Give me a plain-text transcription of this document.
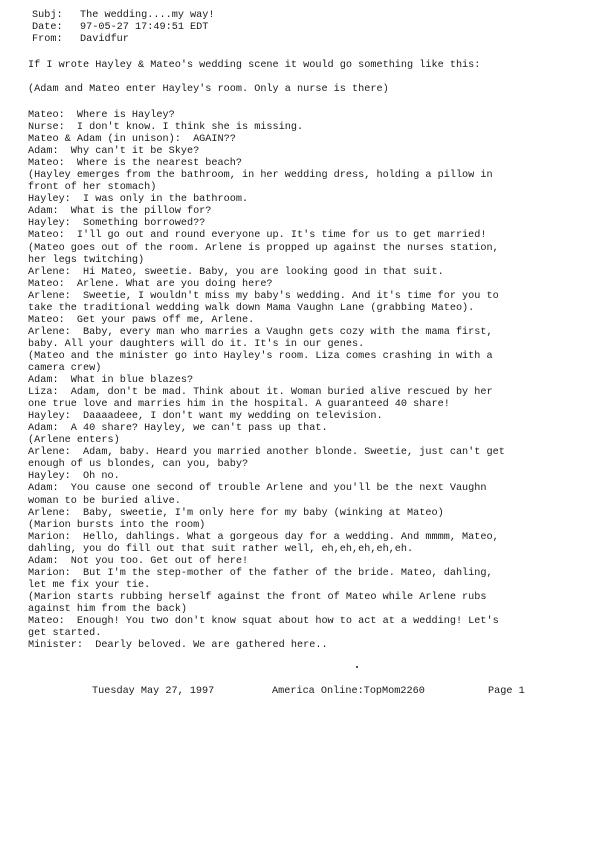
Subj:	The wedding....my way!
Date:	97-05-27 17:49:51 EDT
From:	Davidfur
If I wrote Hayley & Mateo's wedding scene it would go something like this:
(Adam and Mateo enter Hayley's room. Only a nurse is there)
Mateo:  Where is Hayley?
Nurse:  I don't know. I think she is missing.
Mateo & Adam (in unison):  AGAIN??
Adam:  Why can't it be Skye?
Mateo:  Where is the nearest beach?
(Hayley emerges from the bathroom, in her wedding dress, holding a pillow in
front of her stomach)
Hayley:  I was only in the bathroom.
Adam:  What is the pillow for?
Hayley:  Something borrowed??
Mateo:  I'll go out and round everyone up. It's time for us to get married!
(Mateo goes out of the room. Arlene is propped up against the nurses station,
her legs twitching)
Arlene:  Hi Mateo, sweetie. Baby, you are looking good in that suit.
Mateo:  Arlene. What are you doing here?
Arlene:  Sweetie, I wouldn't miss my baby's wedding. And it's time for you to
take the traditional wedding walk down Mama Vaughn Lane (grabbing Mateo).
Mateo:  Get your paws off me, Arlene.
Arlene:  Baby, every man who marries a Vaughn gets cozy with the mama first,
baby. All your daughters will do it. It's in our genes.
(Mateo and the minister go into Hayley's room. Liza comes crashing in with a
camera crew)
Adam:  What in blue blazes?
Liza:  Adam, don't be mad. Think about it. Woman buried alive rescued by her
one true love and marries him in the hospital. A guaranteed 40 share!
Hayley:  Daaaadeee, I don't want my wedding on television.
Adam:  A 40 share? Hayley, we can't pass up that.
(Arlene enters)
Arlene:  Adam, baby. Heard you married another blonde. Sweetie, just can't get
enough of us blondes, can you, baby?
Hayley:  Oh no.
Adam:  You cause one second of trouble Arlene and you'll be the next Vaughn
woman to be buried alive.
Arlene:  Baby, sweetie, I'm only here for my baby (winking at Mateo)
(Marion bursts into the room)
Marion:  Hello, dahlings. What a gorgeous day for a wedding. And mmmm, Mateo,
dahling, you do fill out that suit rather well, eh,eh,eh,eh,eh.
Adam:  Not you too. Get out of here!
Marion:  But I'm the step-mother of the father of the bride. Mateo, dahling,
let me fix your tie.
(Marion starts rubbing herself against the front of Mateo while Arlene rubs
against him from the back)
Mateo:  Enough! You two don't know squat about how to act at a wedding! Let's
get started.
Minister:  Dearly beloved. We are gathered here..
Tuesday May 27, 1997	America Online:TopMom2260	Page 1
